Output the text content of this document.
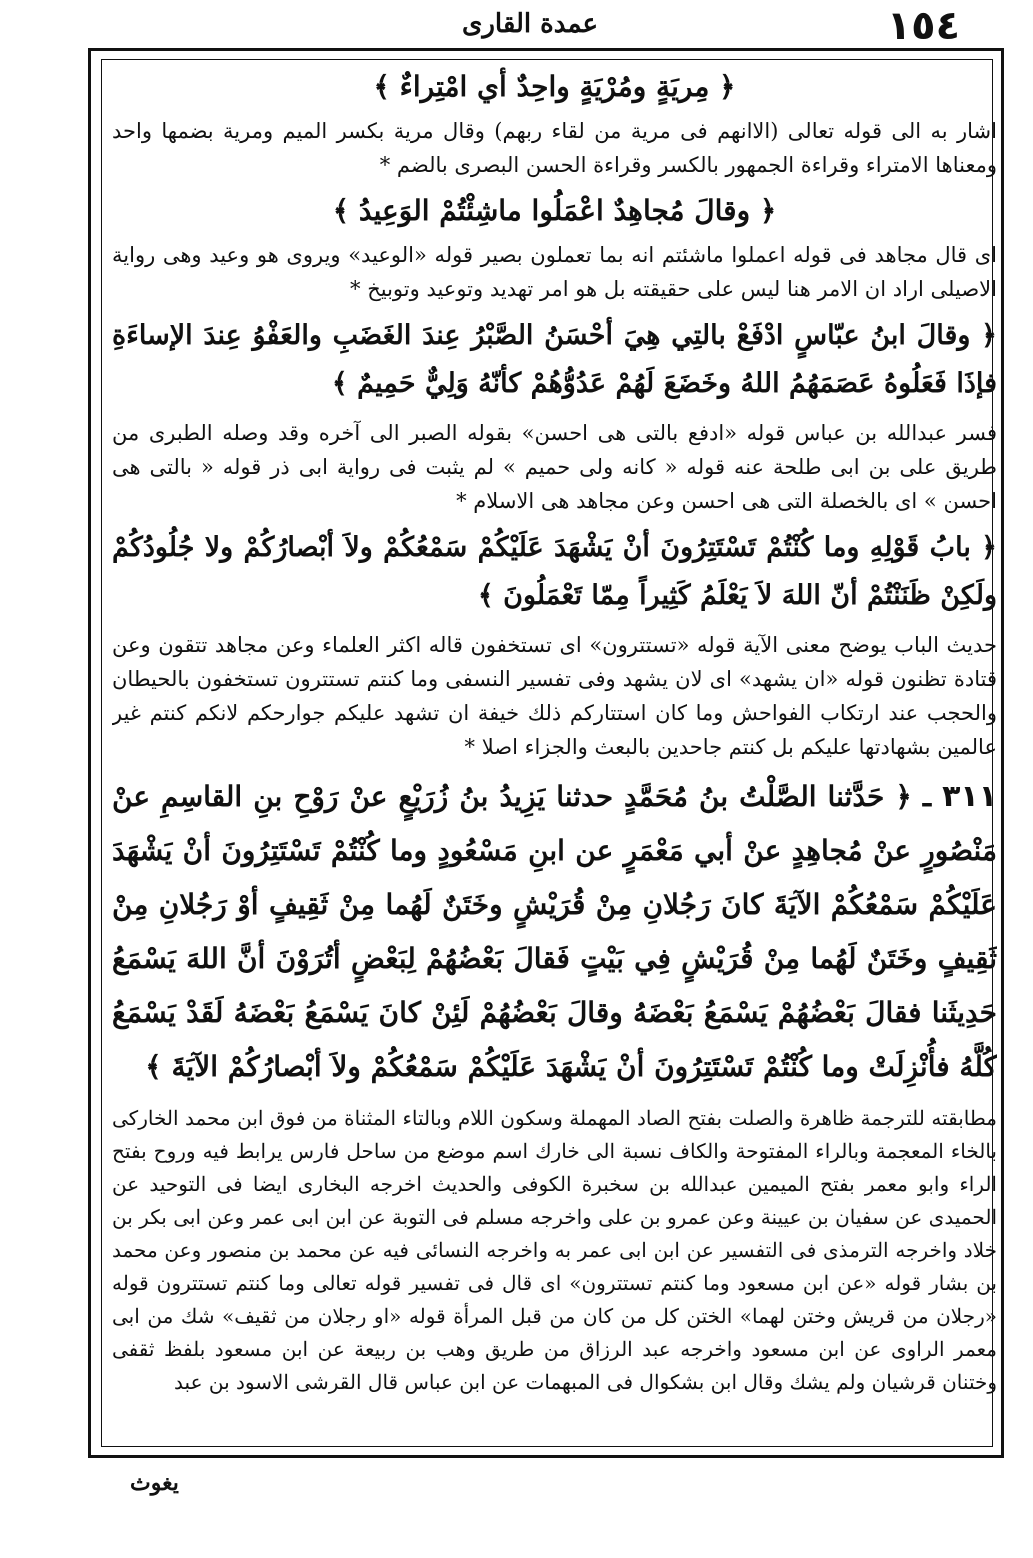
١٥٤
عمدة القارى
﴿ مِريَةٍ ومُرْيَةٍ واحِدٌ أي امْتِراءٌ ﴾
اشار به الى قوله تعالى (الاانهم فى مرية من لقاء ربهم) وقال مرية بكسر الميم ومرية بضمها واحد ومعناها الامتراء وقراءة الجمهور بالكسر وقراءة الحسن البصرى بالضم *
﴿ وقالَ مُجاهِدٌ اعْمَلُوا ماشِئْتُمْ الوَعِيدُ ﴾
اى قال مجاهد فى قوله اعملوا ماشئتم انه بما تعملون بصير قوله «الوعيد» ويروى هو وعيد وهى رواية الاصيلى اراد ان الامر هنا ليس على حقيقته بل هو امر تهديد وتوعيد وتوبيخ *
﴿ وقالَ ابنُ عبّاسٍ ادْفَعْ بالتِي هِيَ أحْسَنُ الصَّبْرُ عِندَ الغَضَبِ والعَفْوُ عِندَ الإساءَةِ فإذَا فَعَلُوهُ عَصَمَهُمُ اللهُ وخَضَعَ لَهُمْ عَدُوُّهُمْ كأنّهُ وَلِيٌّ حَمِيمٌ ﴾
فسر عبدالله بن عباس قوله «ادفع بالتى هى احسن» بقوله الصبر الى آخره وقد وصله الطبرى من طريق على بن ابى طلحة عنه قوله « كانه ولى حميم » لم يثبت فى رواية ابى ذر قوله « بالتى هى احسن » اى بالخصلة التى هى احسن وعن مجاهد هى الاسلام *
﴿ بابُ قَوْلِهِ وما كُنْتُمْ تَسْتَتِرُونَ أنْ يَشْهَدَ عَلَيْكُمْ سَمْعُكُمْ ولاَ أبْصارُكُمْ ولا جُلُودُكُمْ ولَكِنْ ظَنَنْتُمْ أنّ اللهَ لاَ يَعْلَمُ كَثِيراً مِمّا تَعْمَلُونَ ﴾
حديث الباب يوضح معنى الآية قوله «تستترون» اى تستخفون قاله اكثر العلماء وعن مجاهد تتقون وعن قتادة تظنون قوله «ان يشهد» اى لان يشهد وفى تفسير النسفى وما كنتم تستترون تستخفون بالحيطان والحجب عند ارتكاب الفواحش وما كان استتاركم ذلك خيفة ان تشهد عليكم جوارحكم لانكم كنتم غير عالمين بشهادتها عليكم بل كنتم جاحدين بالبعث والجزاء اصلا *
٣١١ ـ ﴿ حَدَّثنا الصَّلْتُ بنُ مُحَمَّدٍ حدثنا يَزِيدُ بنُ زُرَيْعٍ عنْ رَوْحِ بنِ القاسِمِ عنْ مَنْصُورٍ عنْ مُجاهِدٍ عنْ أبي مَعْمَرٍ عن ابنِ مَسْعُودٍ وما كُنْتُمْ تَسْتَتِرُونَ أنْ يَشْهَدَ عَلَيْكُمْ سَمْعُكُمْ الآيَةَ كانَ رَجُلانِ مِنْ قُرَيْشٍ وخَتَنٌ لَهُما مِنْ ثَقِيفٍ أوْ رَجُلانِ مِنْ ثَقِيفٍ وخَتَنٌ لَهُما مِنْ قُرَيْشٍ فِي بَيْتٍ فَقالَ بَعْضُهُمْ لِبَعْضٍ أتُرَوْنَ أنَّ اللهَ يَسْمَعُ حَدِيثَنا فقالَ بَعْضُهُمْ يَسْمَعُ بَعْضَهُ وقالَ بَعْضُهُمْ لَئِنْ كانَ يَسْمَعُ بَعْضَهُ لَقَدْ يَسْمَعُ كُلَّهُ فأُنْزِلَتْ وما كُنْتُمْ تَسْتَتِرُونَ أنْ يَشْهَدَ عَلَيْكُمْ سَمْعُكُمْ ولاَ أبْصارُكُمْ الآيَةَ ﴾
مطابقته للترجمة ظاهرة والصلت بفتح الصاد المهملة وسكون اللام وبالتاء المثناة من فوق ابن محمد الخاركى بالخاء المعجمة وبالراء المفتوحة والكاف نسبة الى خارك اسم موضع من ساحل فارس يرابط فيه وروح بفتح الراء وابو معمر بفتح الميمين عبدالله بن سخبرة الكوفى والحديث اخرجه البخارى ايضا فى التوحيد عن الحميدى عن سفيان بن عيينة وعن عمرو بن على واخرجه مسلم فى التوبة عن ابن ابى عمر وعن ابى بكر بن خلاد واخرجه الترمذى فى التفسير عن ابن ابى عمر به واخرجه النسائى فيه عن محمد بن منصور وعن محمد بن بشار قوله «عن ابن مسعود وما كنتم تستترون» اى قال فى تفسير قوله تعالى وما كنتم تستترون قوله «رجلان من قريش وختن لهما» الختن كل من كان من قبل المرأة قوله «او رجلان من ثقيف» شك من ابى معمر الراوى عن ابن مسعود واخرجه عبد الرزاق من طريق وهب بن ربيعة عن ابن مسعود بلفظ ثقفى وختنان قرشيان ولم يشك وقال ابن بشكوال فى المبهمات عن ابن عباس قال القرشى الاسود بن عبد
يغوث
